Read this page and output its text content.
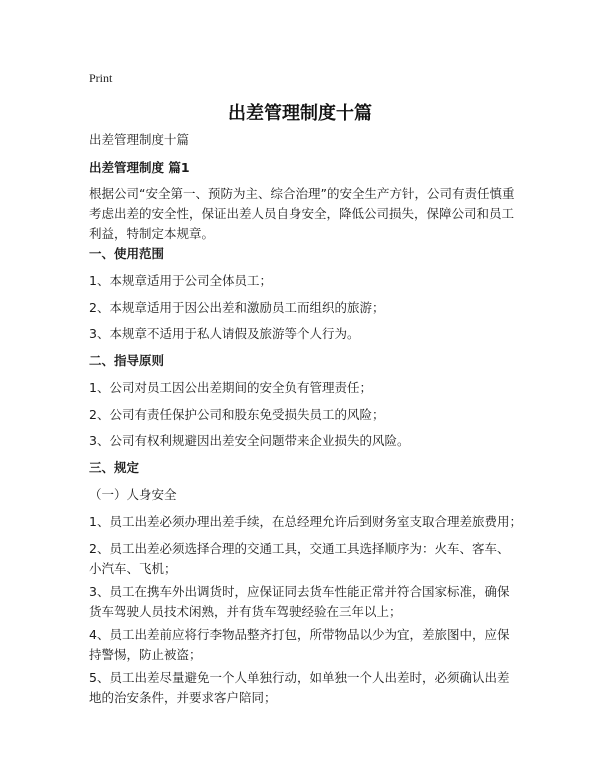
Print
出差管理制度十篇
出差管理制度十篇
出差管理制度 篇1
根据公司“安全第一、预防为主、综合治理”的安全生产方针，公司有责任慎重考虑出差的安全性，保证出差人员自身安全，降低公司损失，保障公司和员工利益，特制定本规章。
一、使用范围
1、本规章适用于公司全体员工；
2、本规章适用于因公出差和激励员工而组织的旅游；
3、本规章不适用于私人请假及旅游等个人行为。
二、指导原则
1、公司对员工因公出差期间的安全负有管理责任；
2、公司有责任保护公司和股东免受损失员工的风险；
3、公司有权利规避因出差安全问题带来企业损失的风险。
三、规定
（一）人身安全
1、员工出差必须办理出差手续，在总经理允许后到财务室支取合理差旅费用；
2、员工出差必须选择合理的交通工具，交通工具选择顺序为：火车、客车、小汽车、飞机；
3、员工在携车外出调货时，应保证同去货车性能正常并符合国家标准，确保货车驾驶人员技术闲熟，并有货车驾驶经验在三年以上；
4、员工出差前应将行李物品整齐打包，所带物品以少为宜，差旅图中，应保持警惕，防止被盗；
5、员工出差尽量避免一个人单独行动，如单独一个人出差时，必须确认出差地的治安条件，并要求客户陪同；
